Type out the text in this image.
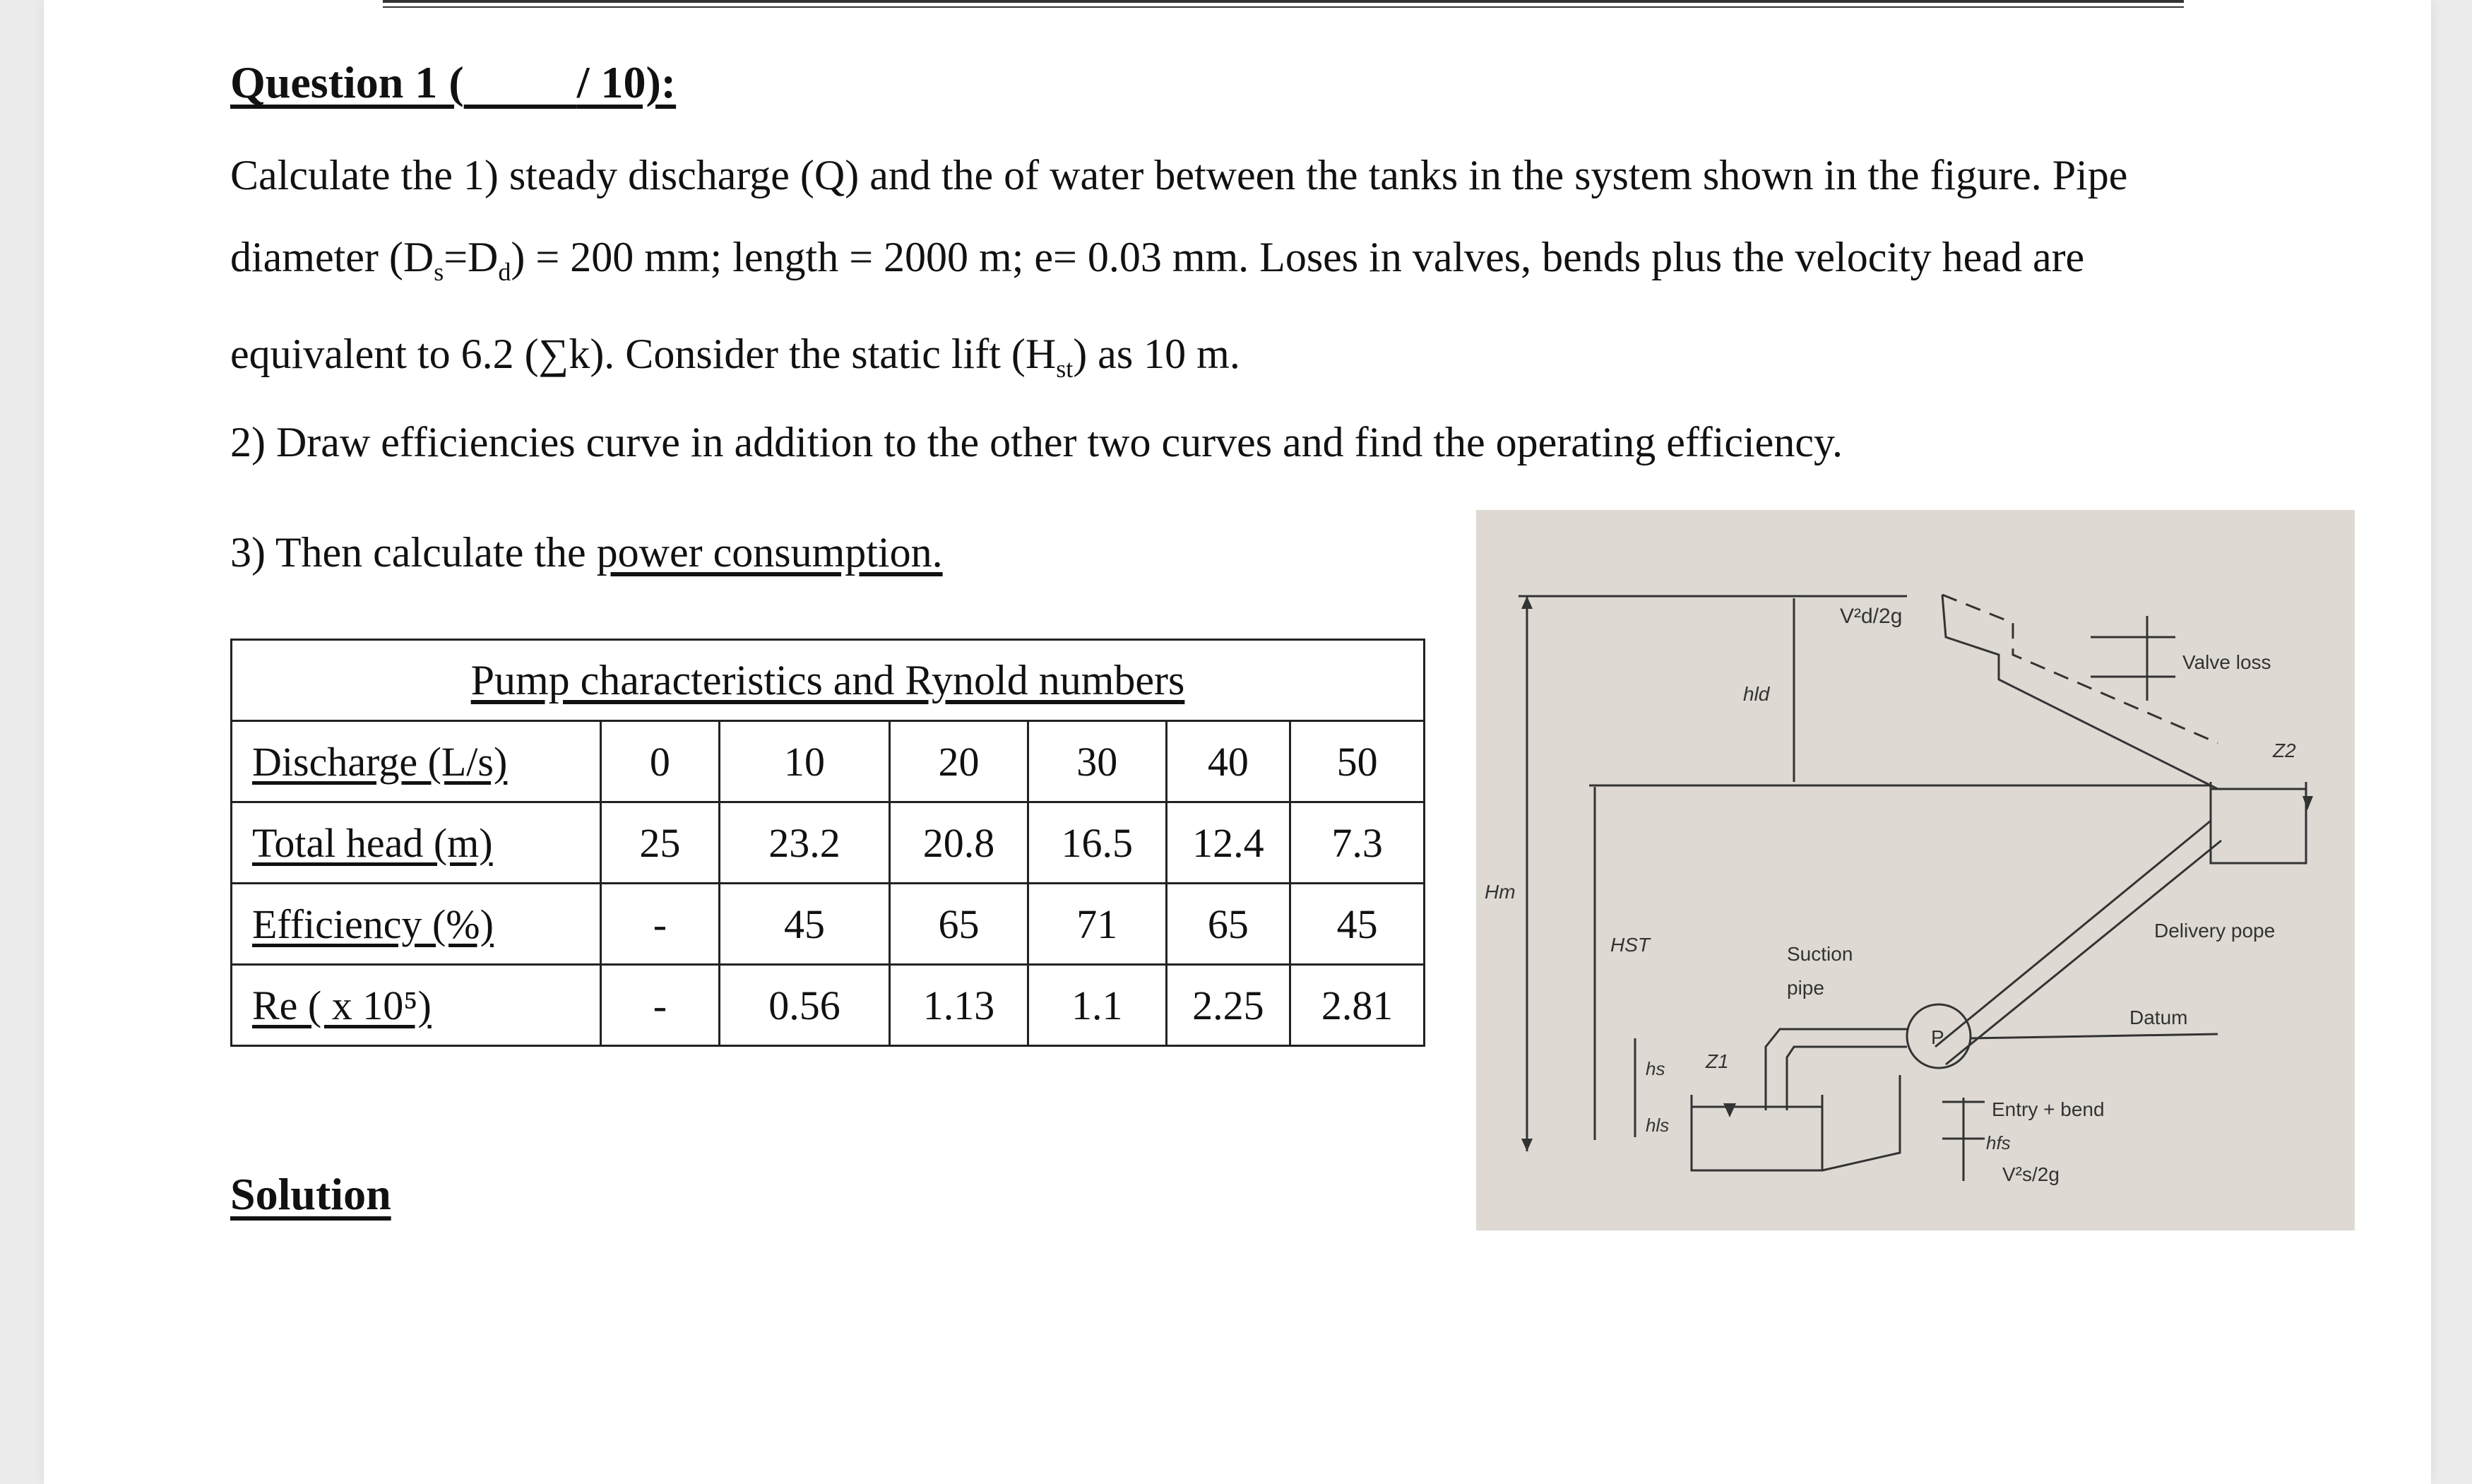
Question 1 (	/ 10):
Calculate the 1) steady discharge (Q) and the of water between the tanks in the system shown in the figure. Pipe
diameter $(D_s=D_d) = 200$ mm; length = 2000 m; e= 0.03 mm. Loses in valves, bends plus the velocity head are
equivalent to 6.2 (∑k). Consider the static lift $(H_{st})$ as 10 m.
2) Draw efficiencies curve in addition to the other two curves and find the operating efficiency.
3) Then calculate the power consumption.
Pump characteristics and Rynold numbers						
Discharge (L/s)	0	10	20	30	40	50
Total head (m)	25	23.2	20.8	16.5	12.4	7.3
Efficiency (%)	-	45	65	71	65	45
Re ( x 10⁵)	-	0.56	1.13	1.1	2.25	2.81
Solution
V²d/2g
Valve loss
hld
Z2
Hm
HST	Suction
pipe
Delivery pope
Datum
P
hs Z1
hls
Entry + bend
hfs
V²s/2g
